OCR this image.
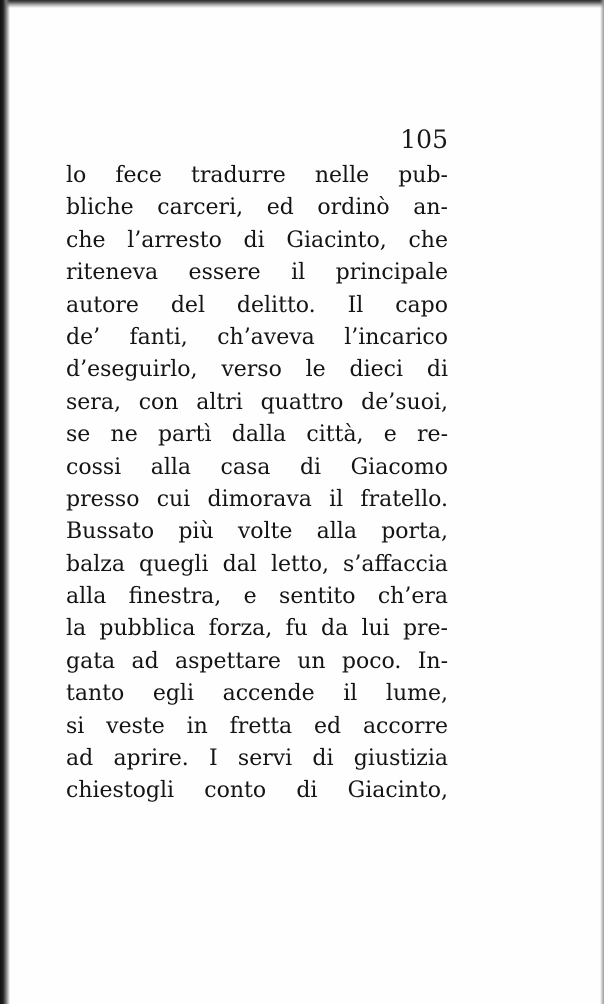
105
lo fece tradurre nelle pub-
bliche carceri, ed ordinò an-
che l’arresto di Giacinto, che
riteneva essere il principale
autore del delitto. Il capo
de’ fanti, ch’aveva l’incarico
d’eseguirlo, verso le dieci di
sera, con altri quattro de’suoi,
se ne partì dalla città, e re-
cossi alla casa di Giacomo
presso cui dimorava il fratello.
Bussato più volte alla porta,
balza quegli dal letto, s’affaccia
alla finestra, e sentito ch’era
la pubblica forza, fu da lui pre-
gata ad aspettare un poco. In-
tanto egli accende il lume,
si veste in fretta ed accorre
ad aprire. I servi di giustizia
chiestogli conto di Giacinto,
